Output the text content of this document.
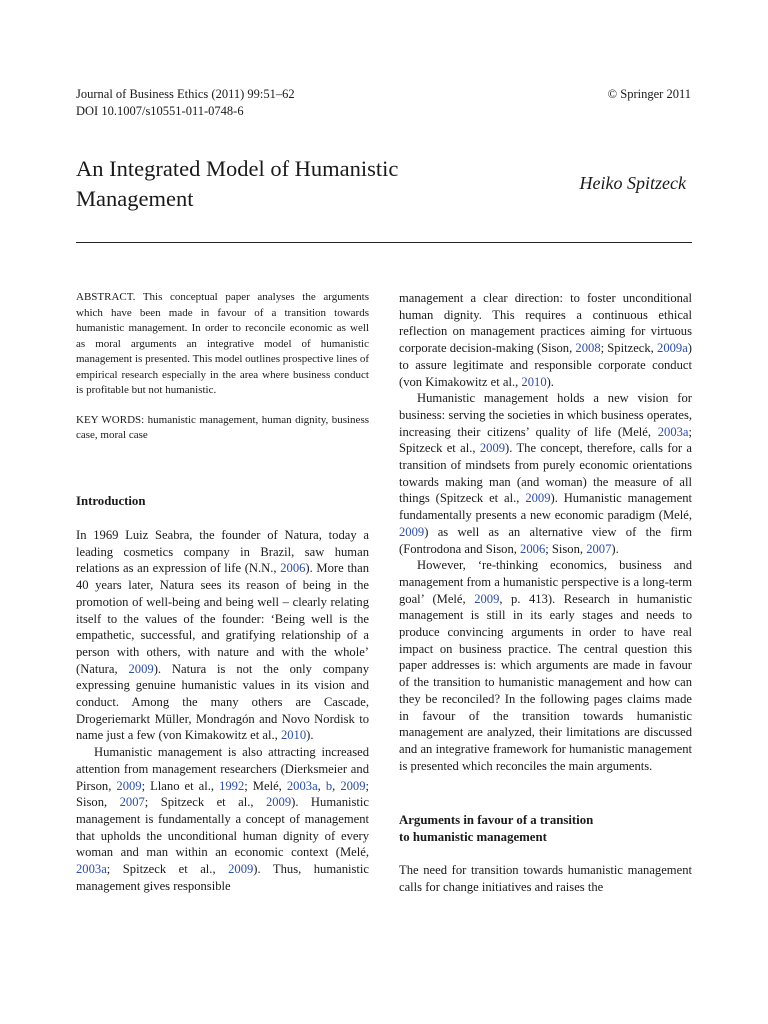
Journal of Business Ethics (2011) 99:51–62
DOI 10.1007/s10551-011-0748-6
© Springer 2011
An Integrated Model of Humanistic
Management
Heiko Spitzeck

ABSTRACT. This conceptual paper analyses the arguments which have been made in favour of a transition towards humanistic management. In order to reconcile economic as well as moral arguments an integrative model of humanistic management is presented. This model outlines prospective lines of empirical research especially in the area where business conduct is profitable but not humanistic.

KEY WORDS: humanistic management, human dignity, business case, moral case

Introduction

In 1969 Luiz Seabra, the founder of Natura, today a leading cosmetics company in Brazil, saw human relations as an expression of life (N.N., 2006). More than 40 years later, Natura sees its reason of being in the promotion of well-being and being well – clearly relating itself to the values of the founder: ‘Being well is the empathetic, successful, and gratifying relationship of a person with others, with nature and with the whole’ (Natura, 2009). Natura is not the only company expressing genuine humanistic values in its vision and conduct. Among the many others are Cascade, Drogeriemarkt Müller, Mondragón and Novo Nordisk to name just a few (von Kimakowitz et al., 2010).

Humanistic management is also attracting increased attention from management researchers (Dierksmeier and Pirson, 2009; Llano et al., 1992; Melé, 2003a, b, 2009; Sison, 2007; Spitzeck et al., 2009). Humanistic management is fundamentally a concept of management that upholds the unconditional human dignity of every woman and man within an economic context (Melé, 2003a; Spitzeck et al., 2009). Thus, humanistic management gives responsible

management a clear direction: to foster unconditional human dignity. This requires a continuous ethical reflection on management practices aiming for virtuous corporate decision-making (Sison, 2008; Spitzeck, 2009a) to assure legitimate and responsible corporate conduct (von Kimakowitz et al., 2010).

Humanistic management holds a new vision for business: serving the societies in which business operates, increasing their citizens’ quality of life (Melé, 2003a; Spitzeck et al., 2009). The concept, therefore, calls for a transition of mindsets from purely economic orientations towards making man (and woman) the measure of all things (Spitzeck et al., 2009). Humanistic management fundamentally presents a new economic paradigm (Melé, 2009) as well as an alternative view of the firm (Fontrodona and Sison, 2006; Sison, 2007).

However, ‘re-thinking economics, business and management from a humanistic perspective is a long-term goal’ (Melé, 2009, p. 413). Research in humanistic management is still in its early stages and needs to produce convincing arguments in order to have real impact on business practice. The central question this paper addresses is: which arguments are made in favour of the transition to humanistic management and how can they be reconciled? In the following pages claims made in favour of the transition towards humanistic management are analyzed, their limitations are discussed and an integrative framework for humanistic management is presented which reconciles the main arguments.

Arguments in favour of a transition
to humanistic management

The need for transition towards humanistic management calls for change initiatives and raises the
